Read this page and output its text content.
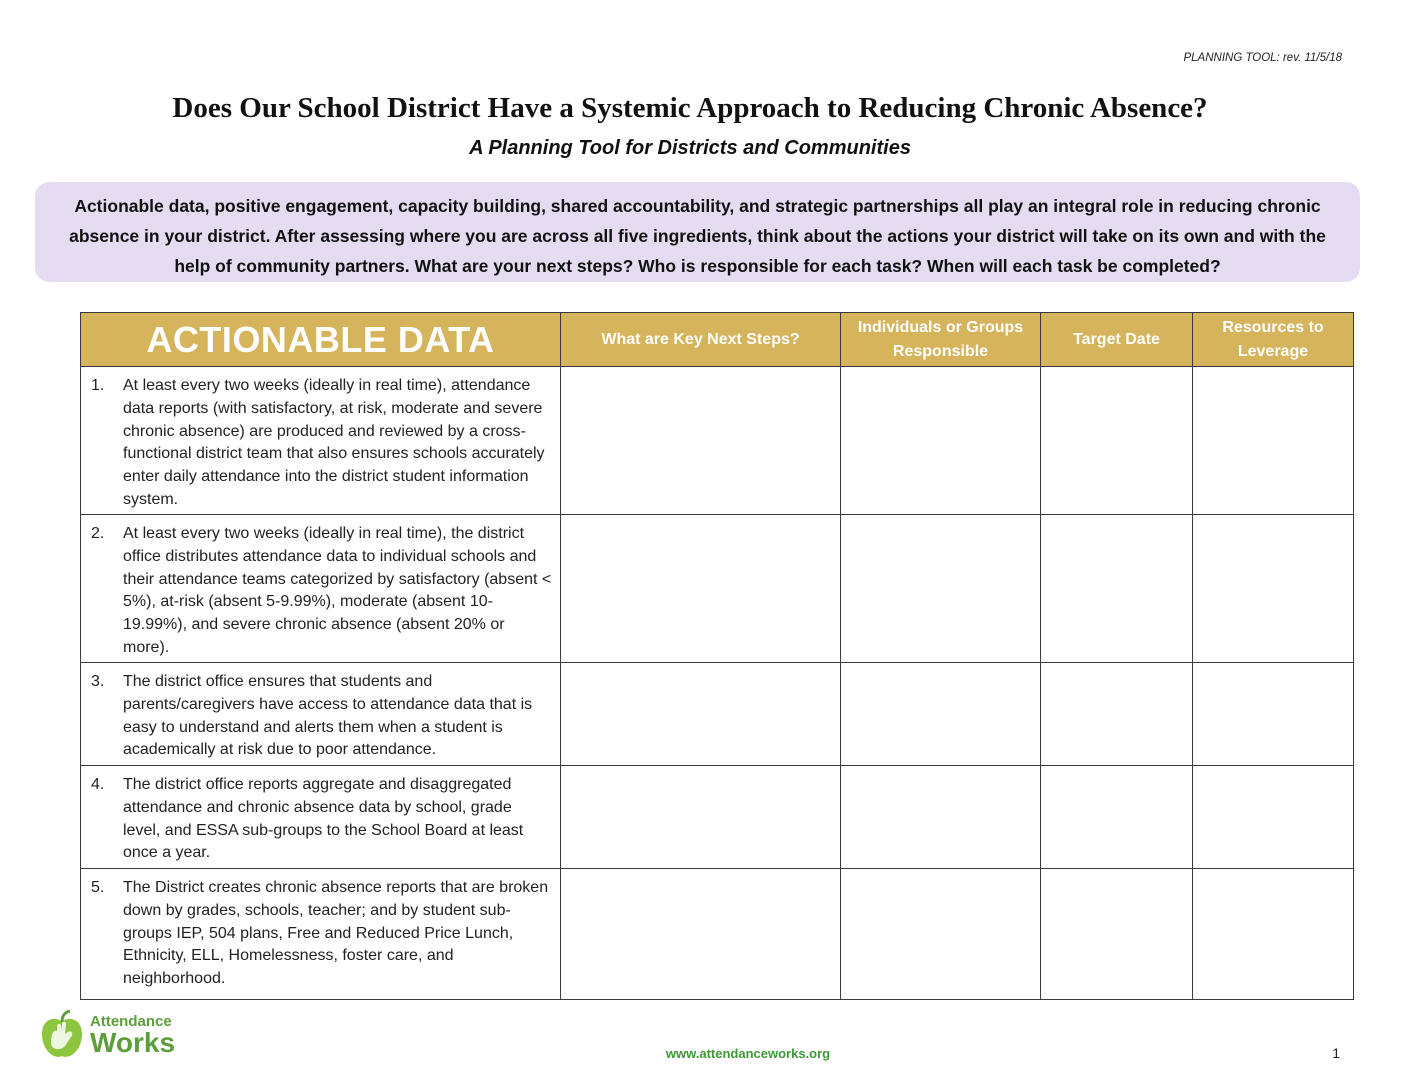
PLANNING TOOL: rev. 11/5/18
Does Our School District Have a Systemic Approach to Reducing Chronic Absence?
A Planning Tool for Districts and Communities
Actionable data, positive engagement, capacity building, shared accountability, and strategic partnerships all play an integral role in reducing chronic absence in your district. After assessing where you are across all five ingredients, think about the actions your district will take on its own and with the help of community partners. What are your next steps? Who is responsible for each task? When will each task be completed?
ACTIONABLE DATA	What are Key Next Steps?	Individuals or Groups Responsible	Target Date	Resources to Leverage

1. At least every two weeks (ideally in real time), attendance data reports (with satisfactory, at risk, moderate and severe chronic absence) are produced and reviewed by a cross-functional district team that also ensures schools accurately enter daily attendance into the district student information system.				

2. At least every two weeks (ideally in real time), the district office distributes attendance data to individual schools and their attendance teams categorized by satisfactory (absent < 5%), at-risk (absent 5-9.99%), moderate (absent 10-19.99%), and severe chronic absence (absent 20% or more).				

3. The district office ensures that students and parents/caregivers have access to attendance data that is easy to understand and alerts them when a student is academically at risk due to poor attendance.				

4. The district office reports aggregate and disaggregated attendance and chronic absence data by school, grade level, and ESSA sub-groups to the School Board at least once a year.				

5. The District creates chronic absence reports that are broken down by grades, schools, teacher; and by student sub-groups IEP, 504 plans, Free and Reduced Price Lunch, Ethnicity, ELL, Homelessness, foster care, and neighborhood.				

Attendance
Works	www.attendanceworks.org	1
